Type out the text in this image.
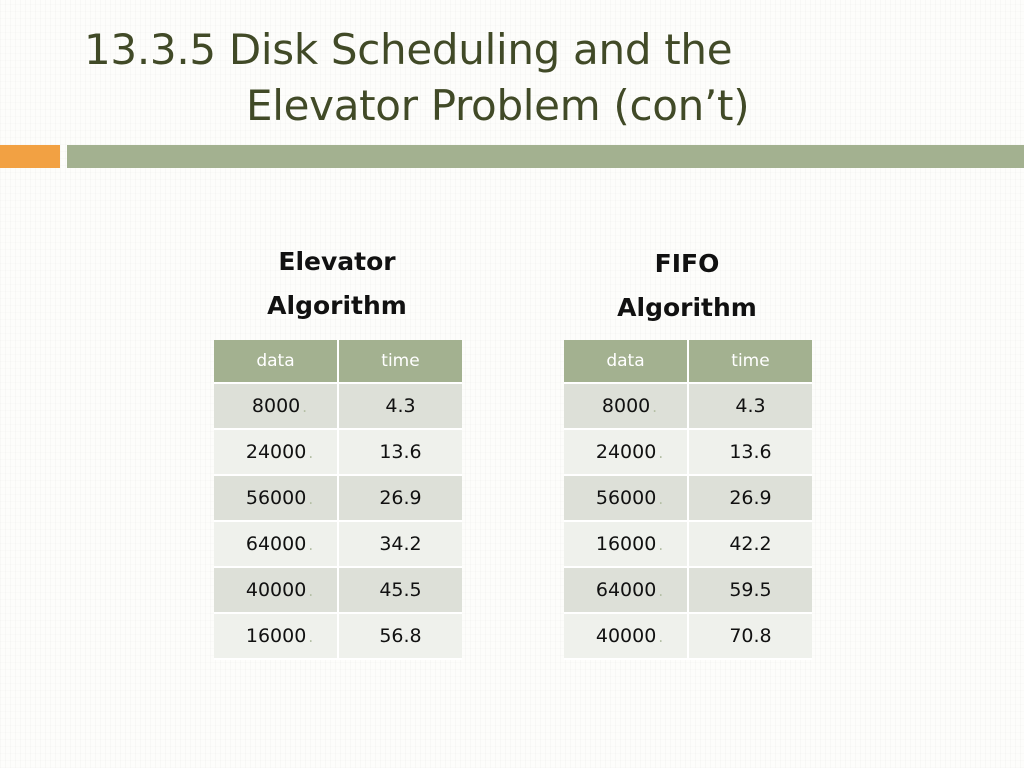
13.3.5 Disk Scheduling and the
Elevator Problem (con’t)
Elevator
Algorithm
data	time
8000 .	4.3
24000 .	13.6
56000 .	26.9
64000 .	34.2
40000 .	45.5
16000 .	56.8
FIFO
Algorithm
data	time
8000 .	4.3
24000 .	13.6
56000 .	26.9
16000 .	42.2
64000 .	59.5
40000 .	70.8
